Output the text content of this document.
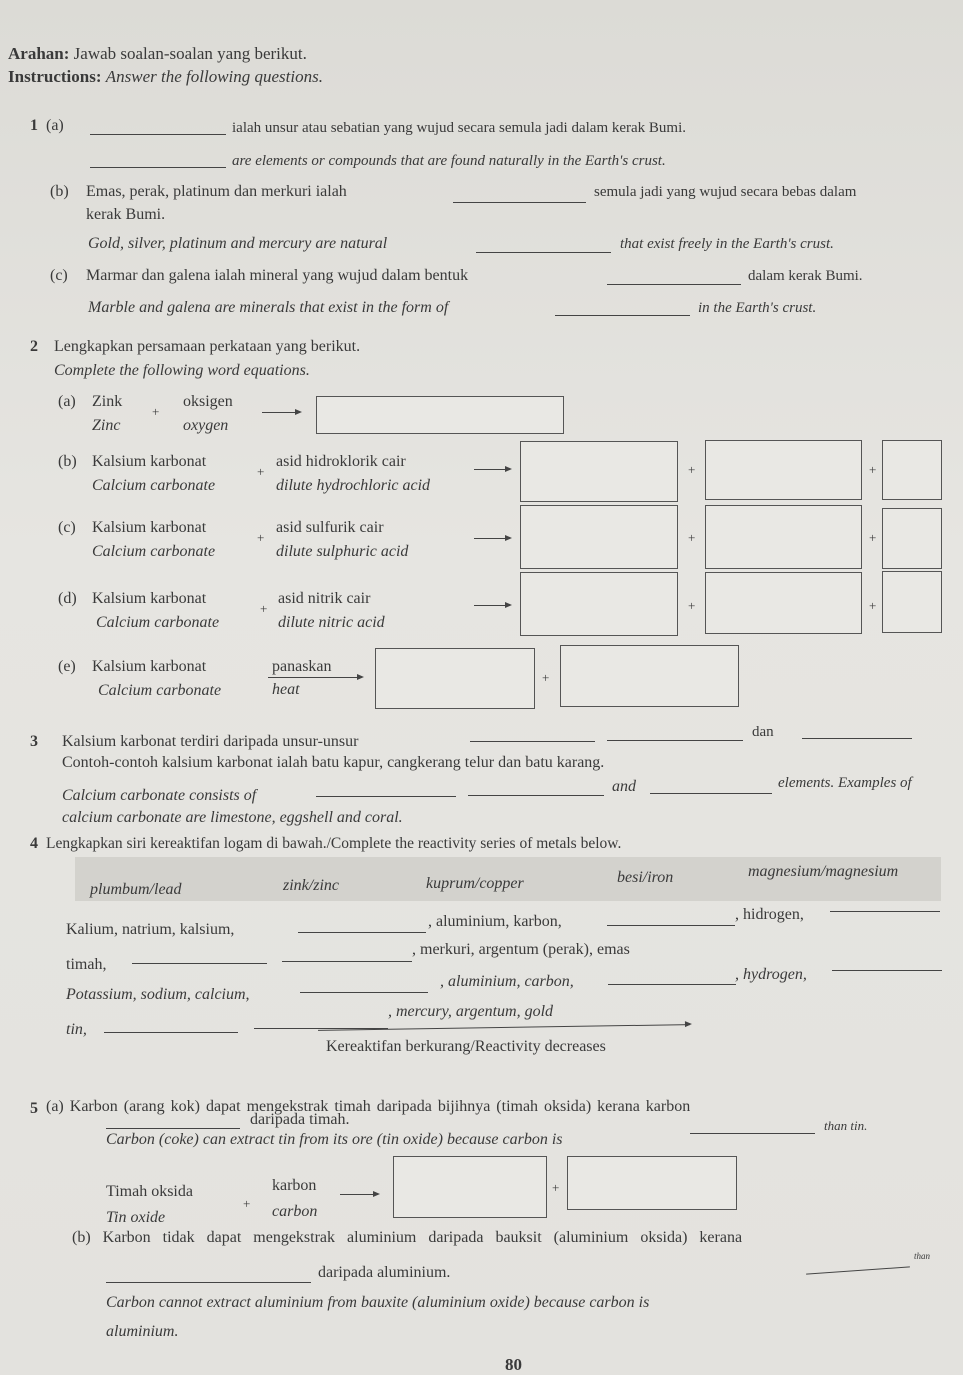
Arahan: Jawab soalan-soalan yang berikut.
Instructions: Answer the following questions.
1 (a)	ialah unsur atau sebatian yang wujud secara semula jadi dalam kerak Bumi.
are elements or compounds that are found naturally in the Earth's crust.
(b) Emas, perak, platinum dan merkuri ialah	semula jadi yang wujud secara bebas dalam
kerak Bumi.
Gold, silver, platinum and mercury are natural	that exist freely in the Earth's crust.
(c) Marmar dan galena ialah mineral yang wujud dalam bentuk	dalam kerak Bumi.
Marble and galena are minerals that exist in the form of	in the Earth's crust.
2 Lengkapkan persamaan perkataan yang berikut.
Complete the following word equations.
(a) Zink
Zinc
+
oksigen
oxygen
(b) Kalsium karbonat
Calcium carbonate
+
asid hidroklorik cair
dilute hydrochloric acid
+	+
(c) Kalsium karbonat
Calcium carbonate
+
asid sulfurik cair
dilute sulphuric acid
+	+
(d) Kalsium karbonat
Calcium carbonate
+
asid nitrik cair
dilute nitric acid
+	+
(e) Kalsium karbonat
Calcium carbonate
panaskan
heat
+
3 Kalsium karbonat terdiri daripada unsur-unsur
dan
Contoh-contoh kalsium karbonat ialah batu kapur, cangkerang telur dan batu karang.
Calcium carbonate consists of
and	elements. Examples of
calcium carbonate are limestone, eggshell and coral.
4 Lengkapkan siri kereaktifan logam di bawah./Complete the reactivity series of metals below.
plumbum/lead	zink/zinc	kuprum/copper	besi/iron	magnesium/magnesium
Kalium, natrium, kalsium,	, aluminium, karbon,	, hidrogen,
timah,
, merkuri, argentum (perak), emas
Potassium, sodium, calcium,
, aluminium, carbon,	, hydrogen,
tin,
, mercury, argentum, gold
Kereaktifan berkurang/Reactivity decreases
5 (a) Karbon (arang kok) dapat mengekstrak timah daripada bijihnya (timah oksida) kerana karbon
daripada timah.
Carbon (coke) can extract tin from its ore (tin oxide) because carbon is
than tin.
Timah oksida
Tin oxide
+
karbon
carbon
+
(b) Karbon tidak dapat mengekstrak aluminium daripada bauksit (aluminium oksida) kerana
daripada aluminium.
than
Carbon cannot extract aluminium from bauxite (aluminium oxide) because carbon is
aluminium.
80
